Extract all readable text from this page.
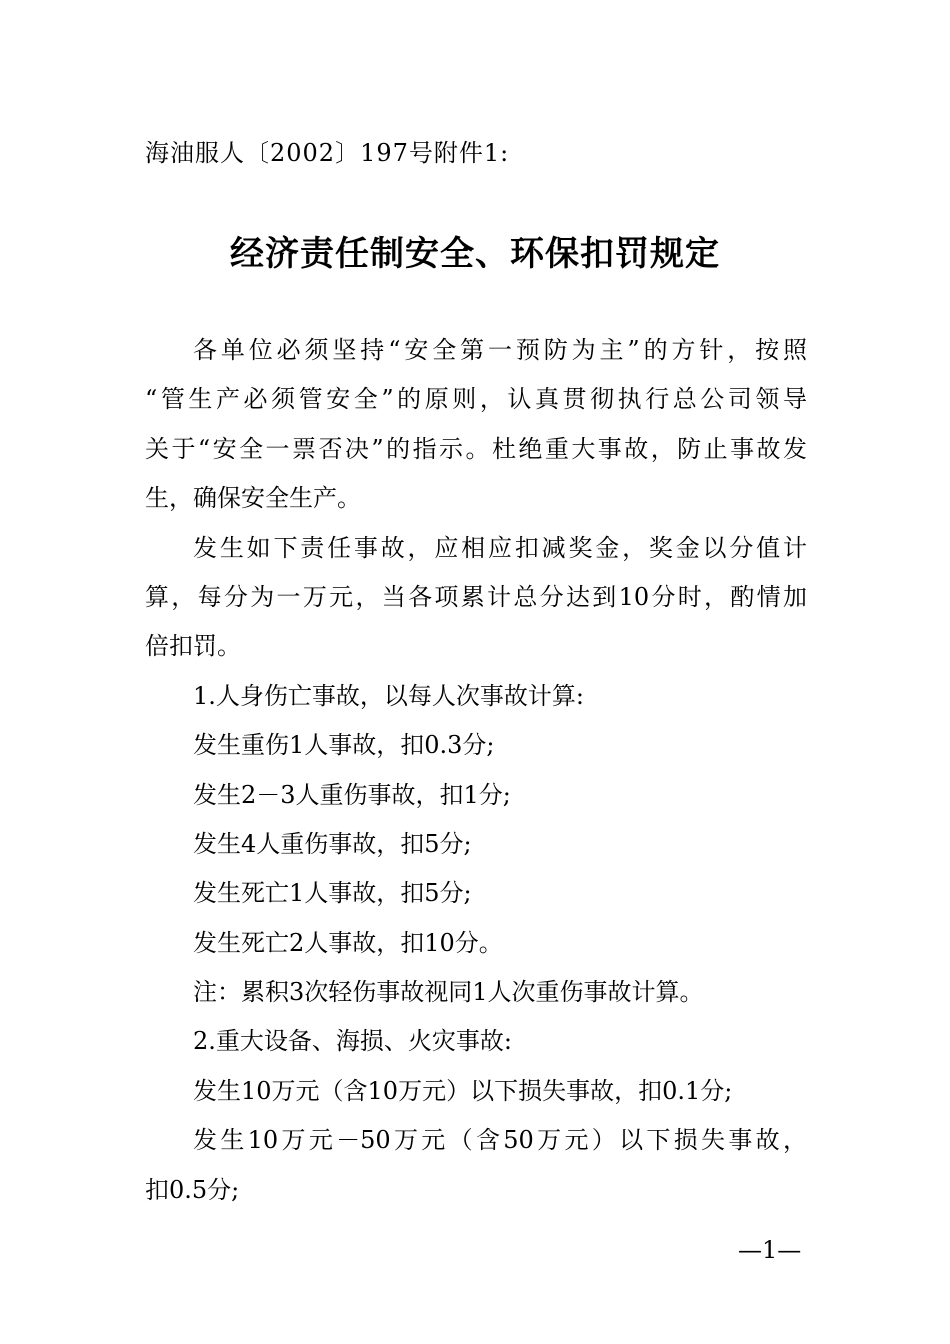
海油服人〔2002〕197号附件1:
经济责任制安全、环保扣罚规定
各单位必须坚持“安全第一预防为主”的方针，按照
“管生产必须管安全”的原则，认真贯彻执行总公司领导
关于“安全一票否决”的指示。杜绝重大事故，防止事故发
生，确保安全生产。
发生如下责任事故，应相应扣减奖金，奖金以分值计
算，每分为一万元，当各项累计总分达到10分时，酌情加
倍扣罚。
1.人身伤亡事故，以每人次事故计算:
发生重伤1人事故，扣0.3分;
发生2－3人重伤事故，扣1分;
发生4人重伤事故，扣5分;
发生死亡1人事故，扣5分;
发生死亡2人事故，扣10分。
注：累积3次轻伤事故视同1人次重伤事故计算。
2.重大设备、海损、火灾事故:
发生10万元（含10万元）以下损失事故，扣0.1分;
发生10万元－50万元（含50万元）以下损失事故，
扣0.5分;
—1—
